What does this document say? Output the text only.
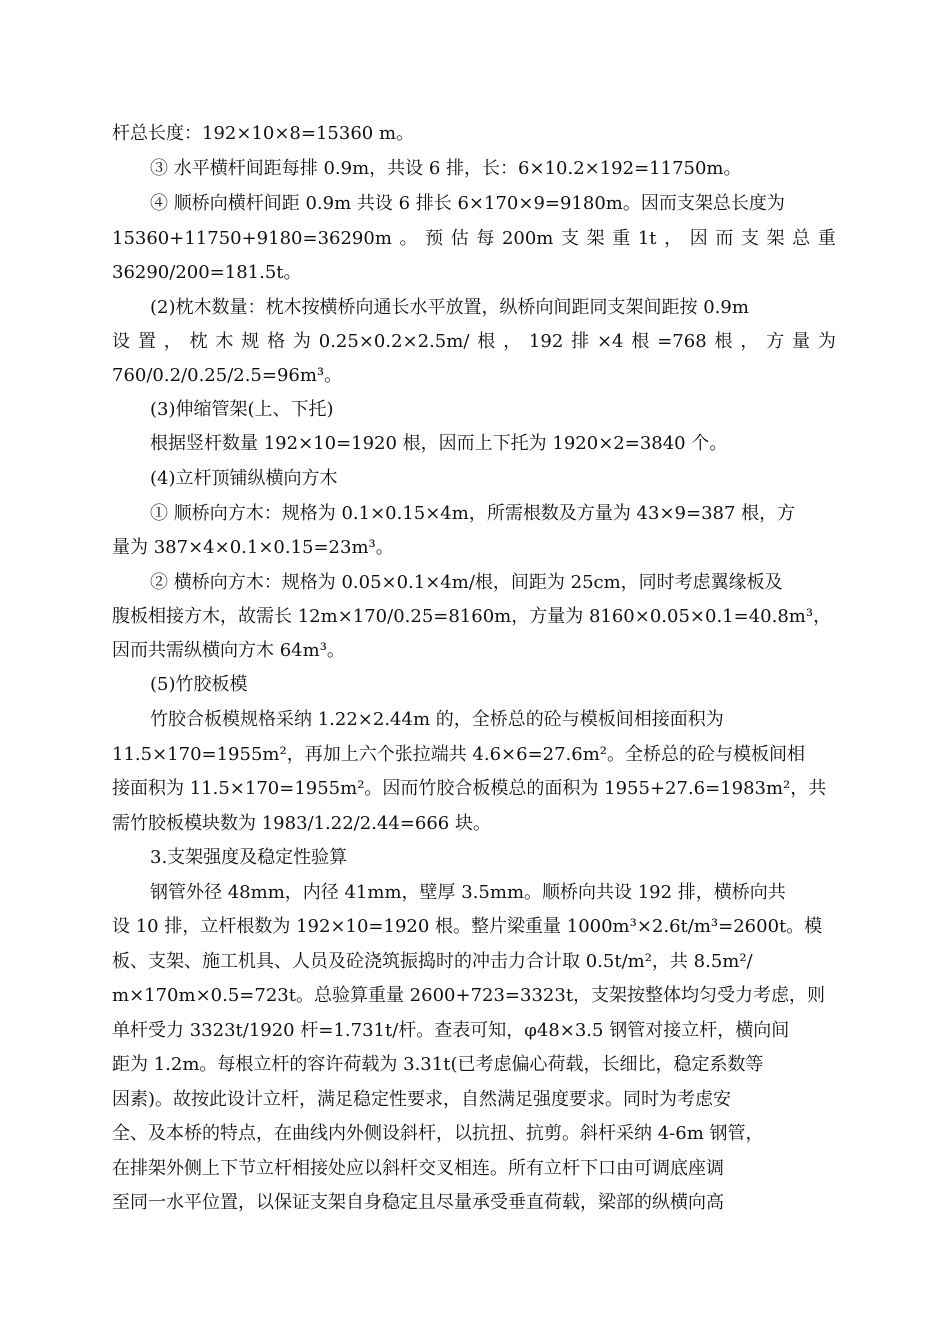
杆总长度：192×10×8=15360 m。
③ 水平横杆间距每排 0.9m，共设 6 排，长：6×10.2×192=11750m。
④ 顺桥向横杆间距 0.9m 共设 6 排长 6×170×9=9180m。因而支架总长度为
15360+11750+9180=36290m 。 预 估 每 200m 支 架 重 1t ， 因 而 支 架 总 重
36290/200=181.5t。
(2)枕木数量：枕木按横桥向通长水平放置，纵桥向间距同支架间距按 0.9m
设 置 ， 枕 木 规 格 为 0.25×0.2×2.5m/ 根 ， 192 排 ×4 根 =768 根 ， 方 量 为
760/0.2/0.25/2.5=96m³。
(3)伸缩管架(上、下托)
根据竖杆数量 192×10=1920 根，因而上下托为 1920×2=3840 个。
(4)立杆顶铺纵横向方木
① 顺桥向方木：规格为 0.1×0.15×4m，所需根数及方量为 43×9=387 根，方
量为 387×4×0.1×0.15=23m³。
② 横桥向方木：规格为 0.05×0.1×4m/根，间距为 25cm，同时考虑翼缘板及
腹板相接方木，故需长 12m×170/0.25=8160m，方量为 8160×0.05×0.1=40.8m³，
因而共需纵横向方木 64m³。
(5)竹胶板模
竹胶合板模规格采纳 1.22×2.44m 的，全桥总的砼与模板间相接面积为
11.5×170=1955m²，再加上六个张拉端共 4.6×6=27.6m²。全桥总的砼与模板间相
接面积为 11.5×170=1955m²。因而竹胶合板模总的面积为 1955+27.6=1983m²，共
需竹胶板模块数为 1983/1.22/2.44=666 块。
3.支架强度及稳定性验算
钢管外径 48mm，内径 41mm，壁厚 3.5mm。顺桥向共设 192 排，横桥向共
设 10 排，立杆根数为 192×10=1920 根。整片梁重量 1000m³×2.6t/m³=2600t。模
板、支架、施工机具、人员及砼浇筑振捣时的冲击力合计取 0.5t/m²，共 8.5m²/
m×170m×0.5=723t。总验算重量 2600+723=3323t，支架按整体均匀受力考虑，则
单杆受力 3323t/1920 杆=1.731t/杆。查表可知，φ48×3.5 钢管对接立杆，横向间
距为 1.2m。每根立杆的容许荷载为 3.31t(已考虑偏心荷载，长细比，稳定系数等
因素)。故按此设计立杆，满足稳定性要求，自然满足强度要求。同时为考虑安
全、及本桥的特点，在曲线内外侧设斜杆，以抗扭、抗剪。斜杆采纳 4-6m 钢管，
在排架外侧上下节立杆相接处应以斜杆交叉相连。所有立杆下口由可调底座调
至同一水平位置，以保证支架自身稳定且尽量承受垂直荷载，梁部的纵横向高
